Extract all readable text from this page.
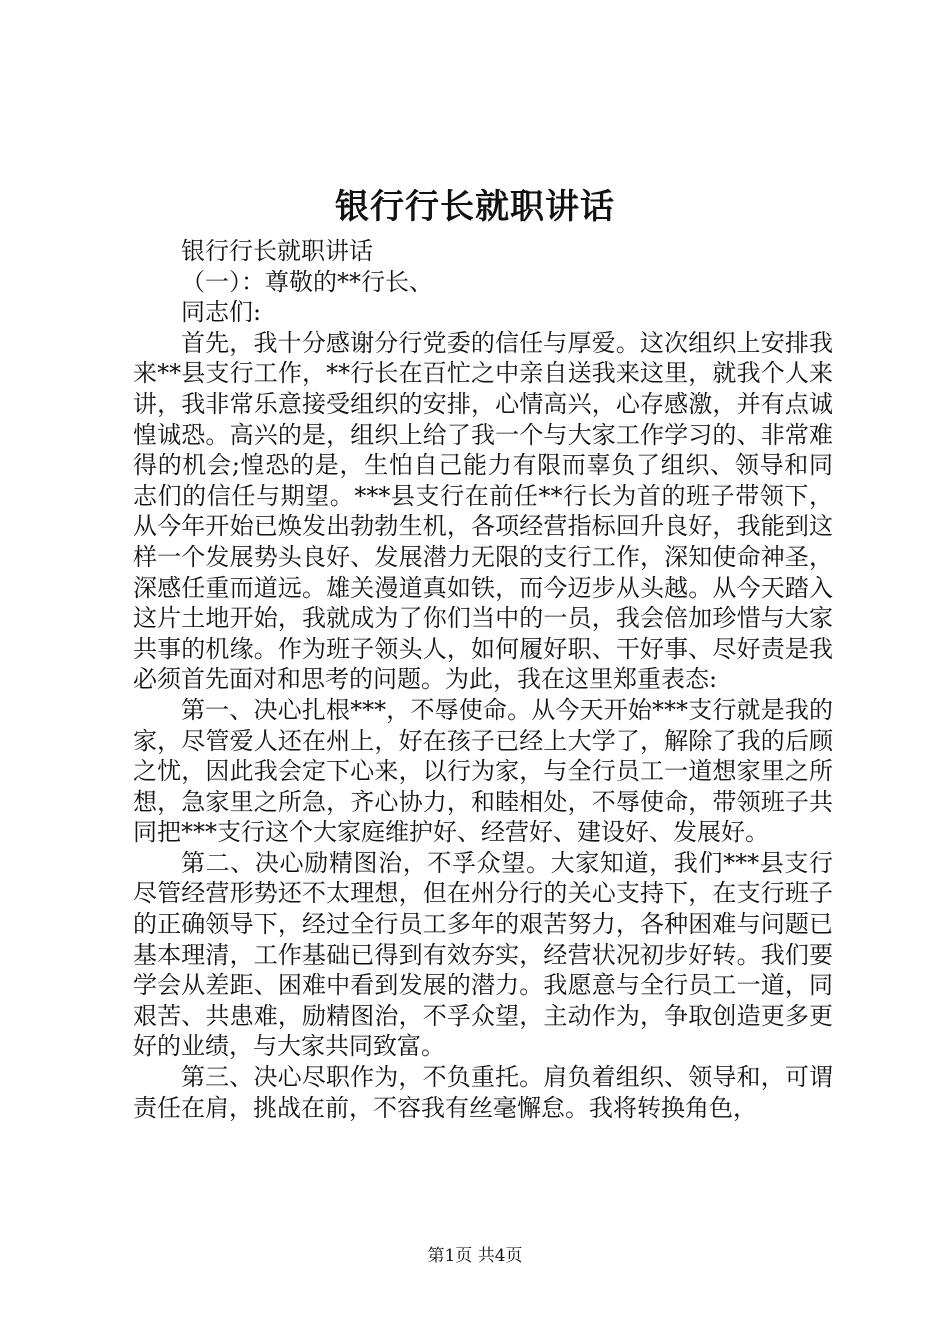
银行行长就职讲话

银行行长就职讲话

（一）：尊敬的**行长、

同志们:

首先，我十分感谢分行党委的信任与厚爱。这次组织上安排我来**县支行工作，**行长在百忙之中亲自送我来这里，就我个人来讲，我非常乐意接受组织的安排，心情高兴，心存感激，并有点诚惶诚恐。高兴的是，组织上给了我一个与大家工作学习的、非常难得的机会;惶恐的是，生怕自己能力有限而辜负了组织、领导和同志们的信任与期望。***县支行在前任**行长为首的班子带领下，从今年开始已焕发出勃勃生机，各项经营指标回升良好，我能到这样一个发展势头良好、发展潜力无限的支行工作，深知使命神圣，深感任重而道远。雄关漫道真如铁，而今迈步从头越。从今天踏入这片土地开始，我就成为了你们当中的一员，我会倍加珍惜与大家共事的机缘。作为班子领头人，如何履好职、干好事、尽好责是我必须首先面对和思考的问题。为此，我在这里郑重表态:

第一、决心扎根***，不辱使命。从今天开始***支行就是我的家，尽管爱人还在州上，好在孩子已经上大学了，解除了我的后顾之忧，因此我会定下心来，以行为家，与全行员工一道想家里之所想，急家里之所急，齐心协力，和睦相处，不辱使命，带领班子共同把***支行这个大家庭维护好、经营好、建设好、发展好。

第二、决心励精图治，不孚众望。大家知道，我们***县支行尽管经营形势还不太理想，但在州分行的关心支持下，在支行班子的正确领导下，经过全行员工多年的艰苦努力，各种困难与问题已基本理清，工作基础已得到有效夯实，经营状况初步好转。我们要学会从差距、困难中看到发展的潜力。我愿意与全行员工一道，同艰苦、共患难，励精图治，不孚众望，主动作为，争取创造更多更好的业绩，与大家共同致富。

第三、决心尽职作为，不负重托。肩负着组织、领导和，可谓责任在肩，挑战在前，不容我有丝毫懈怠。我将转换角色，

第1页 共4页
